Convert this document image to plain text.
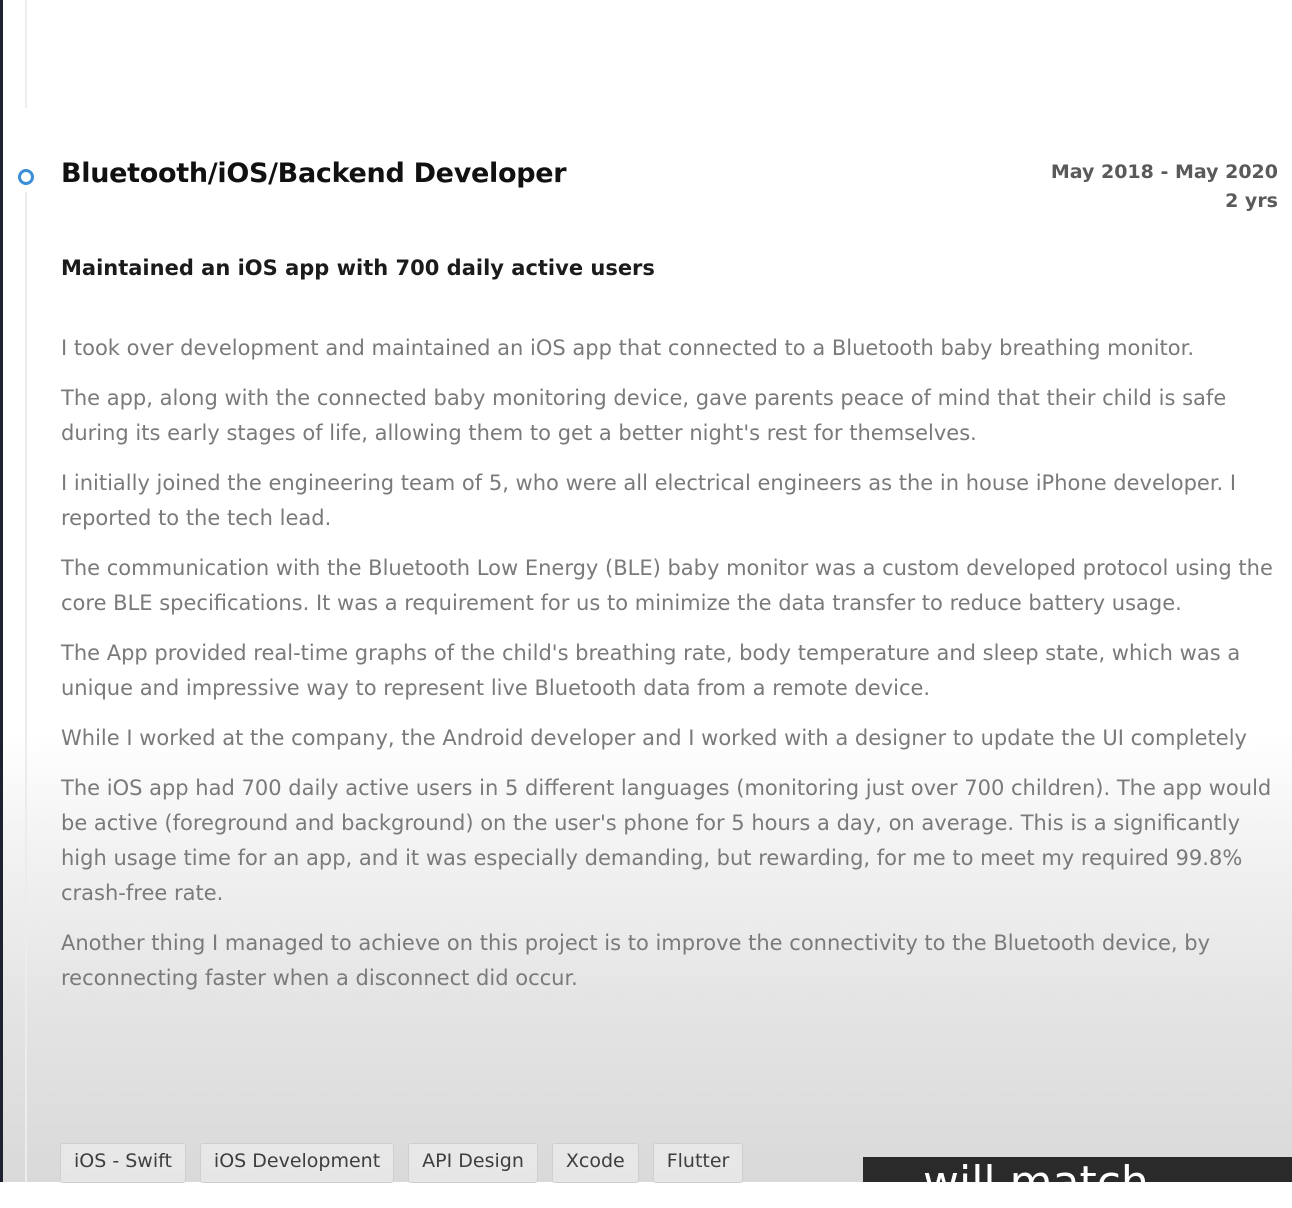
Bluetooth/iOS/Backend Developer	May 2018 - May 2020
2 yrs
Maintained an iOS app with 700 daily active users

I took over development and maintained an iOS app that connected to a Bluetooth baby breathing monitor.

The app, along with the connected baby monitoring device, gave parents peace of mind that their child is safe during its early stages of life, allowing them to get a better night's rest for themselves.

I initially joined the engineering team of 5, who were all electrical engineers as the in house iPhone developer. I reported to the tech lead.

The communication with the Bluetooth Low Energy (BLE) baby monitor was a custom developed protocol using the core BLE specifications. It was a requirement for us to minimize the data transfer to reduce battery usage.

The App provided real-time graphs of the child's breathing rate, body temperature and sleep state, which was a unique and impressive way to represent live Bluetooth data from a remote device.

While I worked at the company, the Android developer and I worked with a designer to update the UI completely

The iOS app had 700 daily active users in 5 different languages (monitoring just over 700 children). The app would be active (foreground and background) on the user's phone for 5 hours a day, on average. This is a significantly high usage time for an app, and it was especially demanding, but rewarding, for me to meet my required 99.8% crash-free rate.

Another thing I managed to achieve on this project is to improve the connectivity to the Bluetooth device, by reconnecting faster when a disconnect did occur.

iOS - Swift	iOS Development	API Design	Xcode	Flutter	will match
